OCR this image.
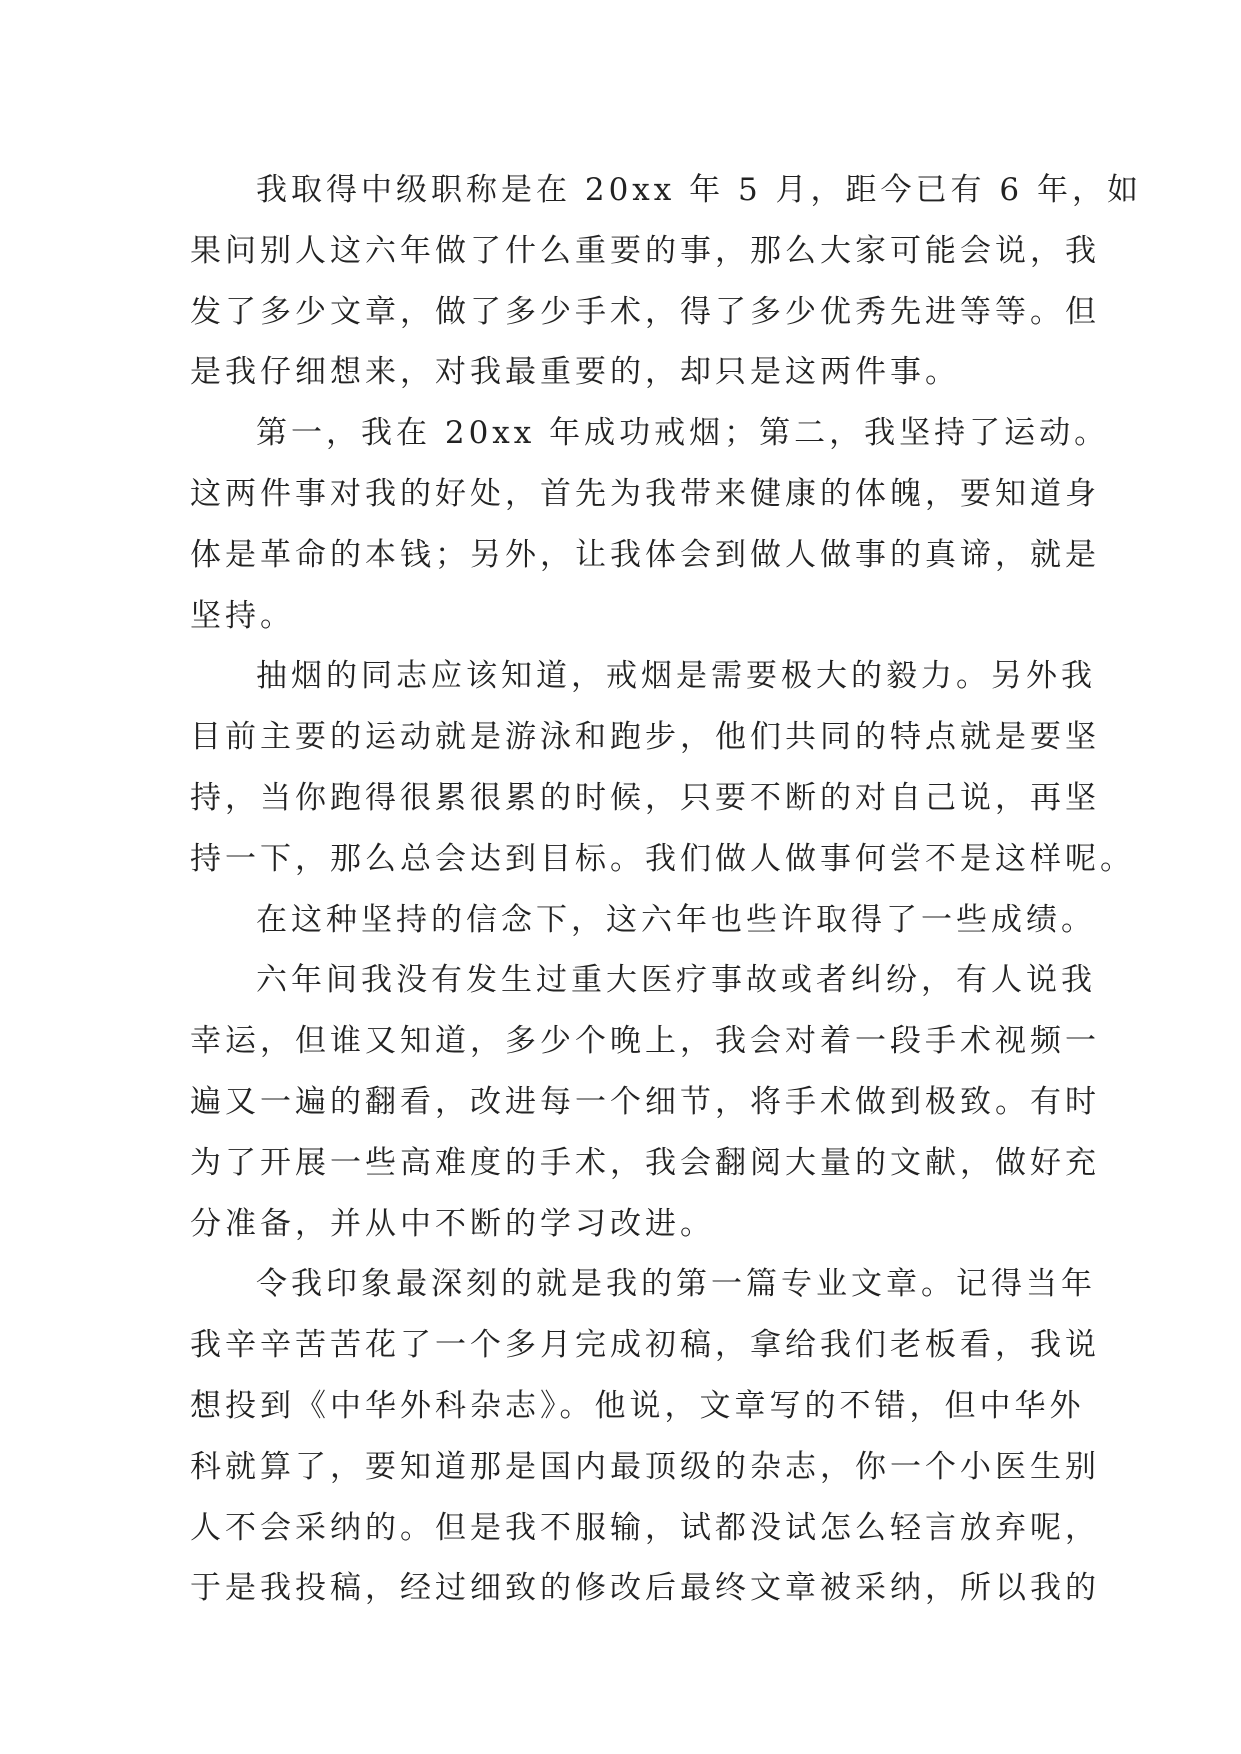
我取得中级职称是在 20xx 年 5 月，距今已有 6 年，如
果问别人这六年做了什么重要的事，那么大家可能会说，我
发了多少文章，做了多少手术，得了多少优秀先进等等。但
是我仔细想来，对我最重要的，却只是这两件事。

第一，我在 20xx 年成功戒烟；第二，我坚持了运动。
这两件事对我的好处，首先为我带来健康的体魄，要知道身
体是革命的本钱；另外，让我体会到做人做事的真谛，就是
坚持。

抽烟的同志应该知道，戒烟是需要极大的毅力。另外我
目前主要的运动就是游泳和跑步，他们共同的特点就是要坚
持，当你跑得很累很累的时候，只要不断的对自己说，再坚
持一下，那么总会达到目标。我们做人做事何尝不是这样呢。

在这种坚持的信念下，这六年也些许取得了一些成绩。

六年间我没有发生过重大医疗事故或者纠纷，有人说我
幸运，但谁又知道，多少个晚上，我会对着一段手术视频一
遍又一遍的翻看，改进每一个细节，将手术做到极致。有时
为了开展一些高难度的手术，我会翻阅大量的文献，做好充
分准备，并从中不断的学习改进。

令我印象最深刻的就是我的第一篇专业文章。记得当年
我辛辛苦苦花了一个多月完成初稿，拿给我们老板看，我说
想投到《中华外科杂志》。他说，文章写的不错，但中华外
科就算了，要知道那是国内最顶级的杂志，你一个小医生别
人不会采纳的。但是我不服输，试都没试怎么轻言放弃呢，
于是我投稿，经过细致的修改后最终文章被采纳，所以我的
